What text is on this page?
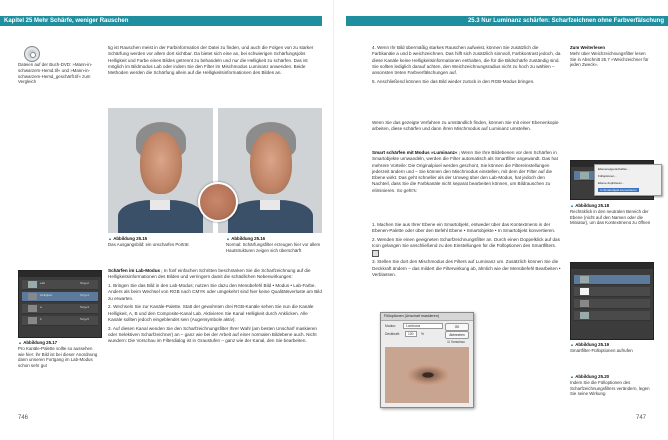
Kapitel 25 Mehr Schärfe, weniger Rauschen	25.3 Nur Luminanz schärfen: Scharfzeichnen ohne Farbverfälschung
Dateien auf der Buch-DVD: »Mann-in-schwarzem-Hemd.tif« und »Mann-in-schwarzem-Hemd_geschärft.tif« zum Vergleich

tig ist Rauschen meist in der Farbinformation der Datei zu finden, und auch die Folgen von zu starker Schärfung werden vor allem dort sichtbar. Da bietet sich eine an, bei schwierigen Schärfungsjobs Helligkeit und Farbe eines Bildes getrennt zu behandeln und nur die Helligkeit zu schärfen. Das ist möglich im Bildmodus Lab oder indem Sie den Filter im Mischmodus Luminanz anwenden. Beide Methoden werden die Schärfung allein auf die Helligkeitsinformationen des Bildes an.

▲ Abbildung 25.15
Das Ausgangsbild: ein unscharfes Porträt
▲ Abbildung 25.16
Normal: Schärfungsfilter erzeugen hier vor allem Hautstrukturen zeigen sich überschärft
Lab	Strg+2
Helligkeit	Strg+3
a	Strg+4
b	Strg+5
▲ Abbildung 25.17
Pro Kanäle-Palette sollte so aussehen wie hier: ihr Bild ist bei dieser Anordnung dann unseren Fortgang im Lab-Modus schon sehr gut

Schärfen im Lab-Modus | In fünf einfachen Schritten beschränken Sie die Scharfzeichnung auf die Helligkeitsinformationen des Bildes und verringern damit die schädlichen Nebenwirkungen:

1. Bringen Sie das Bild in den Lab-Modus; nutzen Sie dazu den Menübefehl Bild • Modus • Lab-Farbe. Anders als beim Wechsel von RGB nach CMYK oder umgekehrt sind hier keine Qualitätsverluste am Bild zu erwarten.

2. Wechseln Sie zur Kanäle-Palette. Statt der gewohnten drei RGB-Kanäle sehen Sie nun die Kanäle Helligkeit, A, B und den Composite-Kanal Lab. Aktivieren Sie Kanal Helligkeit durch Anklicken. Alle Kanäle sollten jedoch eingeblendet sein (Augensymbole aktiv).

3. Auf diesen Kanal wenden Sie den Scharfzeichnungsfilter Ihrer Wahl (am besten Unscharf maskieren oder Selektiven Scharfzeichner) an – ganz wie bei der Arbeit auf einer normalen Bildebene auch. Nicht wundern: Die Vorschau im Filterdialog ist in Graustufen – ganz wie der Kanal, den Sie bearbeiten.

746

4. Wenn Ihr Bild übermäßig starkes Rauschen aufweist, können Sie zusätzlich die Farbkanäle a und b weichzeichnen. Das hilft sich zusätzlich sinnvoll, Farbkontrast jedoch, da diese Kanäle keine Helligkeitsinformationen enthalten, die für die Bildschärfe zuständig sind. Sie sollten lediglich darauf achten, den Weichzeichnungsradius nicht zu hoch zu wählen – ansonsten treten Farbverfälschungen auf.

5. Anschließend können Sie das Bild wieder zurück in den RGB-Modus bringen.

Wenn Sie das gezeigte Verfahren zu umständlich finden, können Sie mit einer Ebenenkopie arbeiten, diese schärfen und dann ihren Mischmodus auf Luminanz umstellen.

Smart schärfen mit Modus »Luminanz« | Wenn Sie Ihre Bildebenen vor dem Schärfen in Smartobjekte umwandeln, werden die Filter automatisch als Smartfilter angewandt. Das hat mehrere Vorteile: Die Originalpixel werden geschont, Sie können die Filtereinstellungen jederzeit ändern und – Sie können den Mischmodus einstellen, mit dem der Filter auf die Ebene wirkt. Das geht schneller als der Umweg über den Lab-Modus, hat jedoch den Nachteil, dass Sie die Farbkanäle nicht separat bearbeiten können, um Bildrauschen zu eliminieren. So geht's:

1. Machen Sie aus Ihrer Ebene ein Smartobjekt, entweder über das Kontextmenü in der Ebenen-Palette oder über den Befehl Ebene • Smartobjekte • In Smartobjekt konvertieren.

2. Wenden Sie einen geeigneten Scharfzeichnungsfilter an. Durch einen Doppelklick auf das Icon gelangen Sie anschließend zu den Einstellungen für die Fülloptionen des Smartfilters.

3. Stellen Sie dort den Mischmodus des Filters auf Luminanz um. Zusätzlich können Sie die Deckkraft ändern – das mildert die Filterwirkung ab, ähnlich wie der Menübefehl Bearbeiten • Verblassen.

Fülloptionen (Unscharf maskieren)
Modus:	Luminanz
Deckkraft:	100	%
OK
Abbrechen
☑ Vorschau
Zum Weiterlesen
Mehr über Weichzeichnungsfilter lesen Sie in Abschnitt 25.7 »Weichzeichner für jeden Zweck«.
Ebeneneigenschaften...
Fülloptionen...
Ebene duplizieren...
In Smartobjekt konvertieren
▲ Abbildung 25.18
Rechtsklick in den neutralen Bereich der Ebene (nicht auf den Namen oder die Miniatur), um das Kontextmenü zu öffnen
▲ Abbildung 25.19
Smartfilter-Fülloptionen aufrufen
▲ Abbildung 25.20
Indem Sie die Fülloptionen des Scharfzeichnungsfilters verändern, legen Sie seine Wirkung
747
